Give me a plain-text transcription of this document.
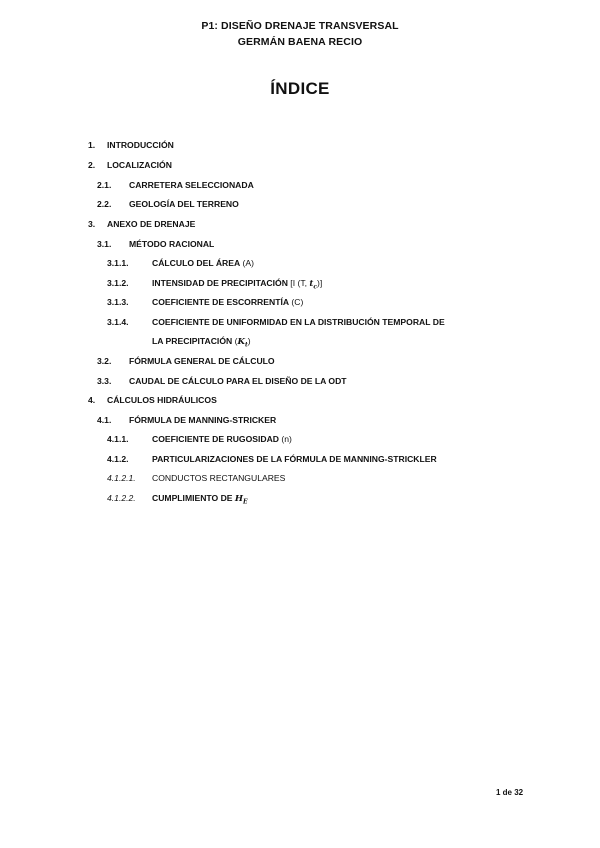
P1: DISEÑO DRENAJE TRANSVERSAL
GERMÁN BAENA RECIO
ÍNDICE
1. INTRODUCCIÓN
2. LOCALIZACIÓN
2.1. CARRETERA SELECCIONADA
2.2. GEOLOGÍA DEL TERRENO
3. ANEXO DE DRENAJE
3.1. MÉTODO RACIONAL
3.1.1.	CÁLCULO DEL ÁREA (A)
3.1.2.	INTENSIDAD DE PRECIPITACIÓN [I (T, $t_c$)]
3.1.3.	COEFICIENTE DE ESCORRENTÍA (C)
3.1.4.	COEFICIENTE DE UNIFORMIDAD EN LA DISTRIBUCIÓN TEMPORAL DE
LA PRECIPITACIÓN $(K_t)$
3.2. FÓRMULA GENERAL DE CÁLCULO
3.3. CAUDAL DE CÁLCULO PARA EL DISEÑO DE LA ODT
4. CÁLCULOS HIDRÁULICOS
4.1. FÓRMULA DE MANNING-STRICKER
4.1.1.	COEFICIENTE DE RUGOSIDAD (n)
4.1.2.	PARTICULARIZACIONES DE LA FÓRMULA DE MANNING-STRICKLER
4.1.2.1. CONDUCTOS RECTANGULARES
4.1.2.2. CUMPLIMIENTO DE $H_E$
1 de 32
